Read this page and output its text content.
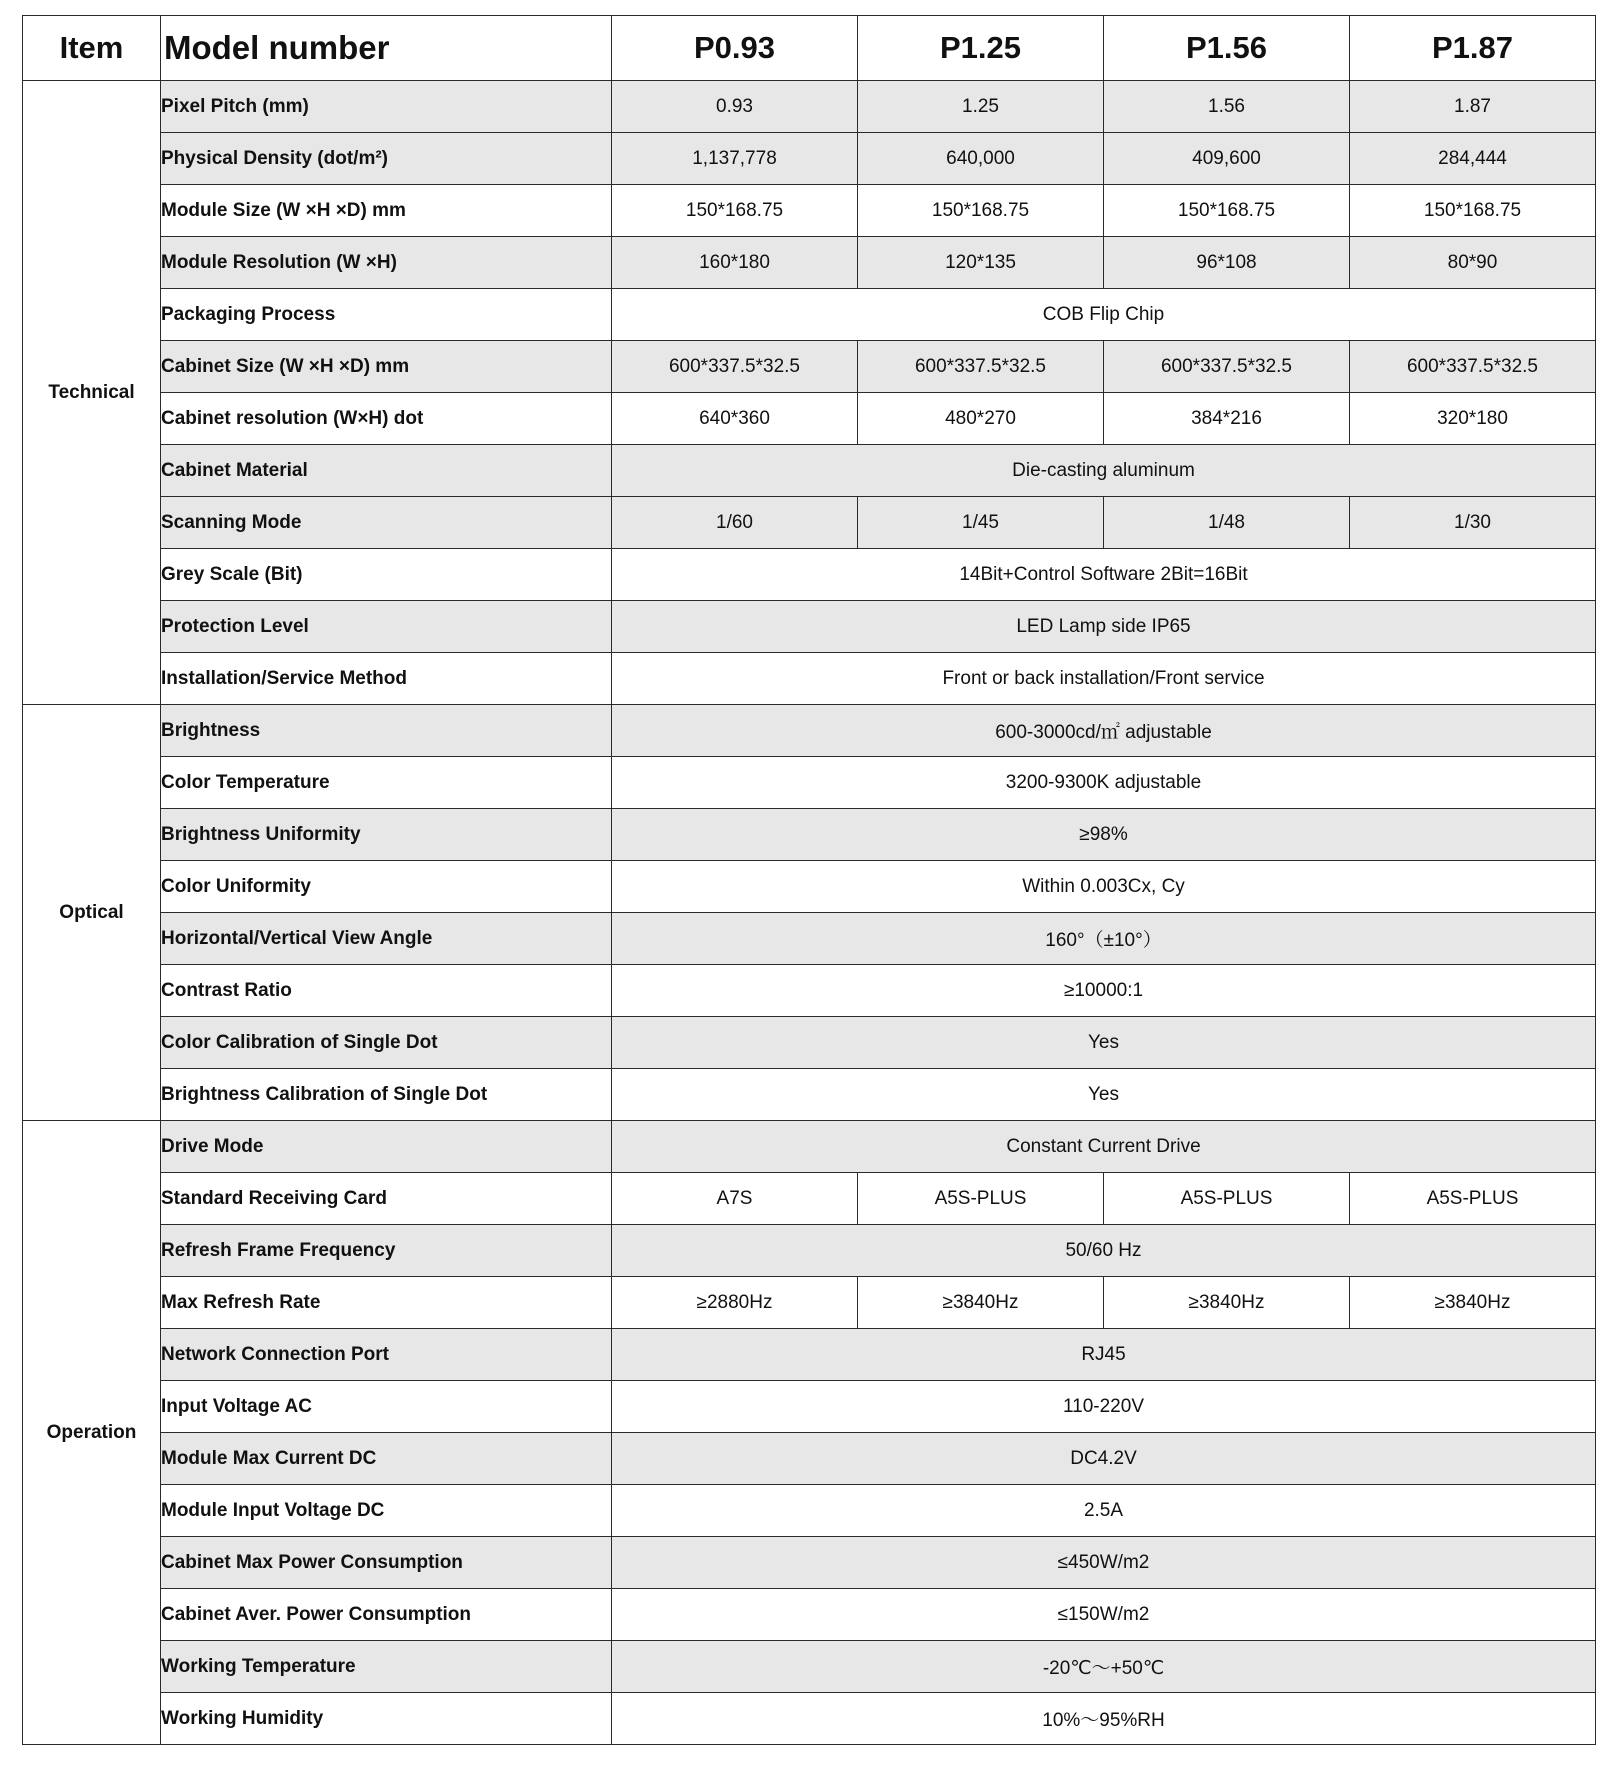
Item	Model number	P0.93	P1.25	P1.56	P1.87
Technical	Pixel Pitch (mm)	0.93	1.25	1.56	1.87
	Physical Density (dot/m²)	1,137,778	640,000	409,600	284,444
	Module Size (W ×H ×D) mm	150*168.75	150*168.75	150*168.75	150*168.75
	Module Resolution (W ×H)	160*180	120*135	96*108	80*90
	Packaging Process	COB Flip Chip			
	Cabinet Size (W ×H ×D) mm	600*337.5*32.5	600*337.5*32.5	600*337.5*32.5	600*337.5*32.5
	Cabinet resolution (W×H) dot	640*360	480*270	384*216	320*180
	Cabinet Material	Die-casting aluminum			
	Scanning Mode	1/60	1/45	1/48	1/30
	Grey Scale (Bit)	14Bit+Control Software 2Bit=16Bit			
	Protection Level	LED Lamp side IP65			
	Installation/Service Method	Front or back installation/Front service			
Optical	Brightness	600-3000cd/㎡ adjustable			
	Color Temperature	3200-9300K adjustable			
	Brightness Uniformity	≥98%			
	Color Uniformity	Within 0.003Cx, Cy			
	Horizontal/Vertical View Angle	160°（±10°）			
	Contrast Ratio	≥10000:1			
	Color Calibration of Single Dot	Yes			
	Brightness Calibration of Single Dot	Yes			
Operation	Drive Mode	Constant Current Drive			
	Standard Receiving Card	A7S	A5S-PLUS	A5S-PLUS	A5S-PLUS
	Refresh Frame Frequency	50/60 Hz			
	Max Refresh Rate	≥2880Hz	≥3840Hz	≥3840Hz	≥3840Hz
	Network Connection Port	RJ45			
	Input Voltage AC	110-220V			
	Module Max Current DC	DC4.2V			
	Module Input Voltage DC	2.5A			
	Cabinet Max Power Consumption	≤450W/m2			
	Cabinet Aver. Power Consumption	≤150W/m2			
	Working Temperature	-20℃～+50℃			
	Working Humidity	10%～95%RH			
